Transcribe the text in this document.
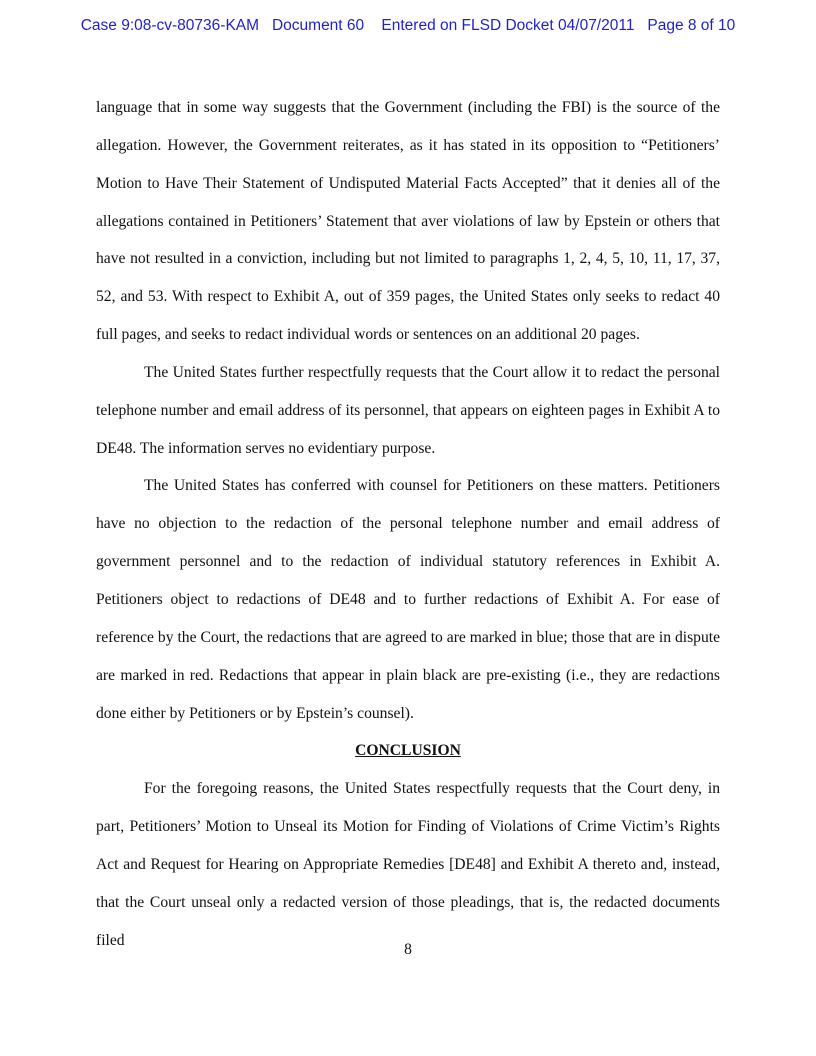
Case 9:08-cv-80736-KAM Document 60 Entered on FLSD Docket 04/07/2011 Page 8 of 10

language that in some way suggests that the Government (including the FBI) is the source of the allegation. However, the Government reiterates, as it has stated in its opposition to “Petitioners’ Motion to Have Their Statement of Undisputed Material Facts Accepted” that it denies all of the allegations contained in Petitioners’ Statement that aver violations of law by Epstein or others that have not resulted in a conviction, including but not limited to paragraphs 1, 2, 4, 5, 10, 11, 17, 37, 52, and 53. With respect to Exhibit A, out of 359 pages, the United States only seeks to redact 40 full pages, and seeks to redact individual words or sentences on an additional 20 pages.

The United States further respectfully requests that the Court allow it to redact the personal telephone number and email address of its personnel, that appears on eighteen pages in Exhibit A to DE48. The information serves no evidentiary purpose.

The United States has conferred with counsel for Petitioners on these matters. Petitioners have no objection to the redaction of the personal telephone number and email address of government personnel and to the redaction of individual statutory references in Exhibit A. Petitioners object to redactions of DE48 and to further redactions of Exhibit A. For ease of reference by the Court, the redactions that are agreed to are marked in blue; those that are in dispute are marked in red. Redactions that appear in plain black are pre-existing (i.e., they are redactions done either by Petitioners or by Epstein’s counsel).

CONCLUSION

For the foregoing reasons, the United States respectfully requests that the Court deny, in part, Petitioners’ Motion to Unseal its Motion for Finding of Violations of Crime Victim’s Rights Act and Request for Hearing on Appropriate Remedies [DE48] and Exhibit A thereto and, instead, that the Court unseal only a redacted version of those pleadings, that is, the redacted documents filed

8
